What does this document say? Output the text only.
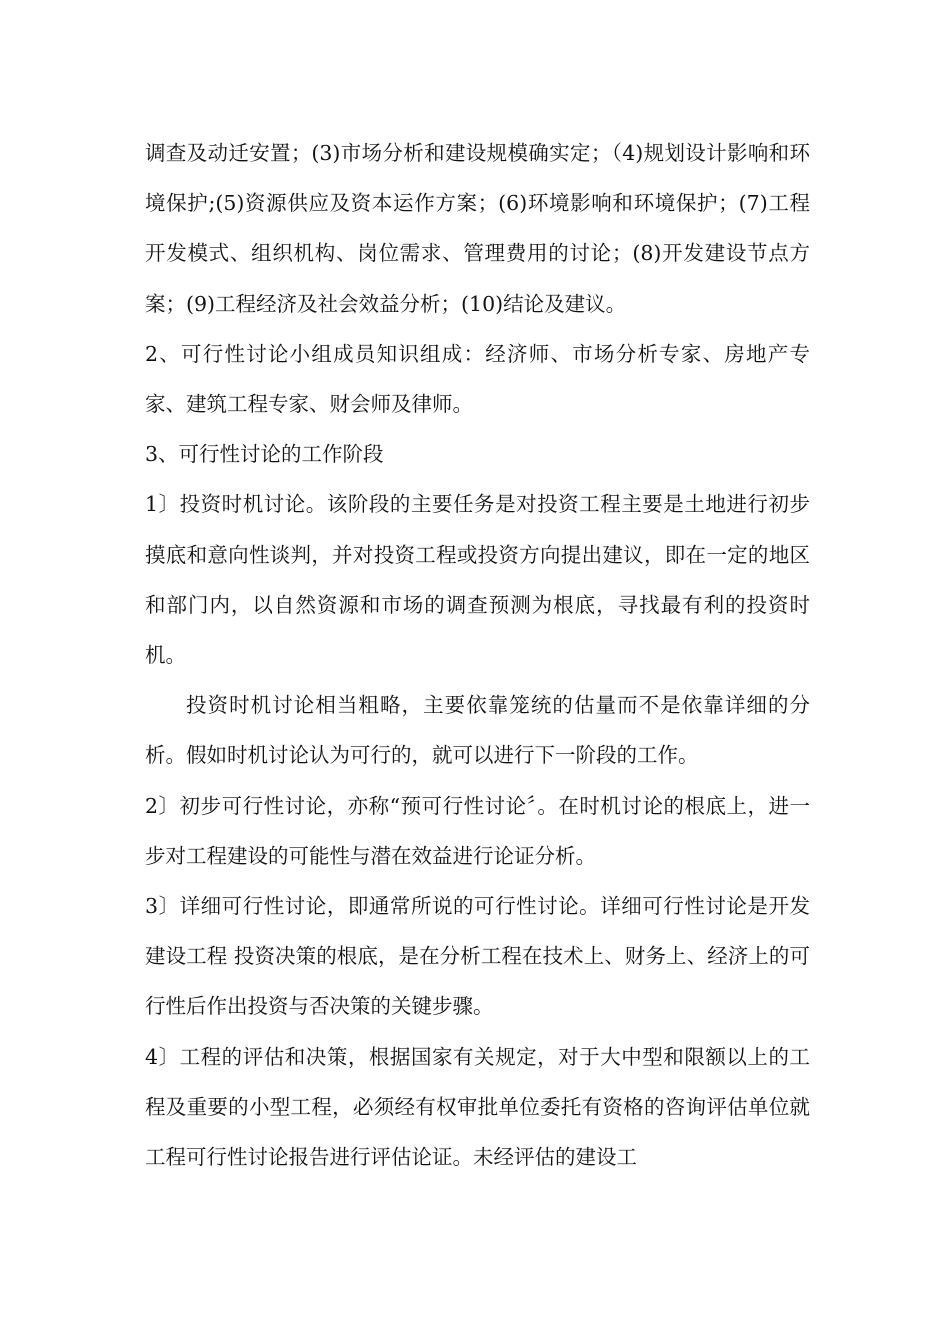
调查及动迁安置；(3)市场分析和建设规模确实定；（4)规划设计影响和环境保护;(5)资源供应及资本运作方案；(6)环境影响和环境保护；(7)工程开发模式、组织机构、岗位需求、管理费用的讨论；(8)开发建设节点方案；(9)工程经济及社会效益分析；(10)结论及建议。

2、可行性讨论小组成员知识组成：经济师、市场分析专家、房地产专家、建筑工程专家、财会师及律师。

3、可行性讨论的工作阶段

1〕投资时机讨论。该阶段的主要任务是对投资工程主要是土地进行初步摸底和意向性谈判，并对投资工程或投资方向提出建议，即在一定的地区和部门内，以自然资源和市场的调查预测为根底，寻找最有利的投资时机。

投资时机讨论相当粗略，主要依靠笼统的估量而不是依靠详细的分析。假如时机讨论认为可行的，就可以进行下一阶段的工作。

2〕初步可行性讨论，亦称“预可行性讨论〞。在时机讨论的根底上，进一步对工程建设的可能性与潜在效益进行论证分析。

3〕详细可行性讨论，即通常所说的可行性讨论。详细可行性讨论是开发建设工程 投资决策的根底，是在分析工程在技术上、财务上、经济上的可行性后作出投资与否决策的关键步骤。

4〕工程的评估和决策，根据国家有关规定，对于大中型和限额以上的工程及重要的小型工程，必须经有权审批单位委托有资格的咨询评估单位就工程可行性讨论报告进行评估论证。未经评估的建设工
